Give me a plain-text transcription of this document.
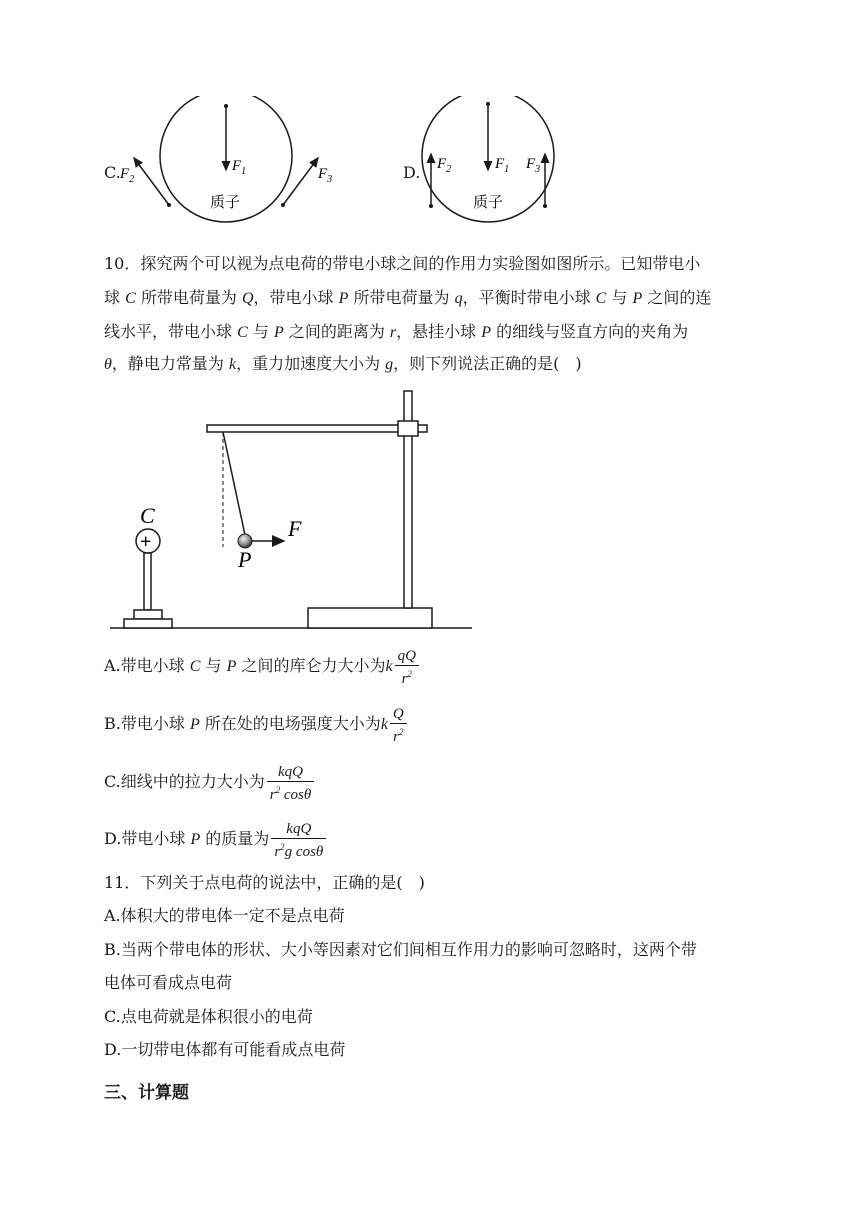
C.	$F_1$
$F_2$	$F_3$
质子
D.	$F_1$
$F_2$	$F_3$
质子
10．探究两个可以视为点电荷的带电小球之间的作用力实验图如图所示。已知带电小
球 C 所带电荷量为 Q，带电小球 P 所带电荷量为 q，平衡时带电小球 C 与 P 之间的连
线水平，带电小球 C 与 P 之间的距离为 r，悬挂小球 P 的细线与竖直方向的夹角为
θ，静电力常量为 k，重力加速度大小为 g，则下列说法正确的是(　)
F
P
+
C
A.带电小球 C 与 P 之间的库仑力大小为k $\frac{qQ}{r^2}$
B.带电小球 P 所在处的电场强度大小为k $\frac{Q}{r^2}$
C.细线中的拉力大小为 $\frac{\text{kqQ}}{r^2 \cos\theta}$
D.带电小球 P 的质量为 $\frac{\text{kqQ}}{r^2g \cos\theta}$
11．下列关于点电荷的说法中，正确的是(　)
A.体积大的带电体一定不是点电荷
B.当两个带电体的形状、大小等因素对它们间相互作用力的影响可忽略时，这两个带
电体可看成点电荷
C.点电荷就是体积很小的电荷
D.一切带电体都有可能看成点电荷
三、计算题
